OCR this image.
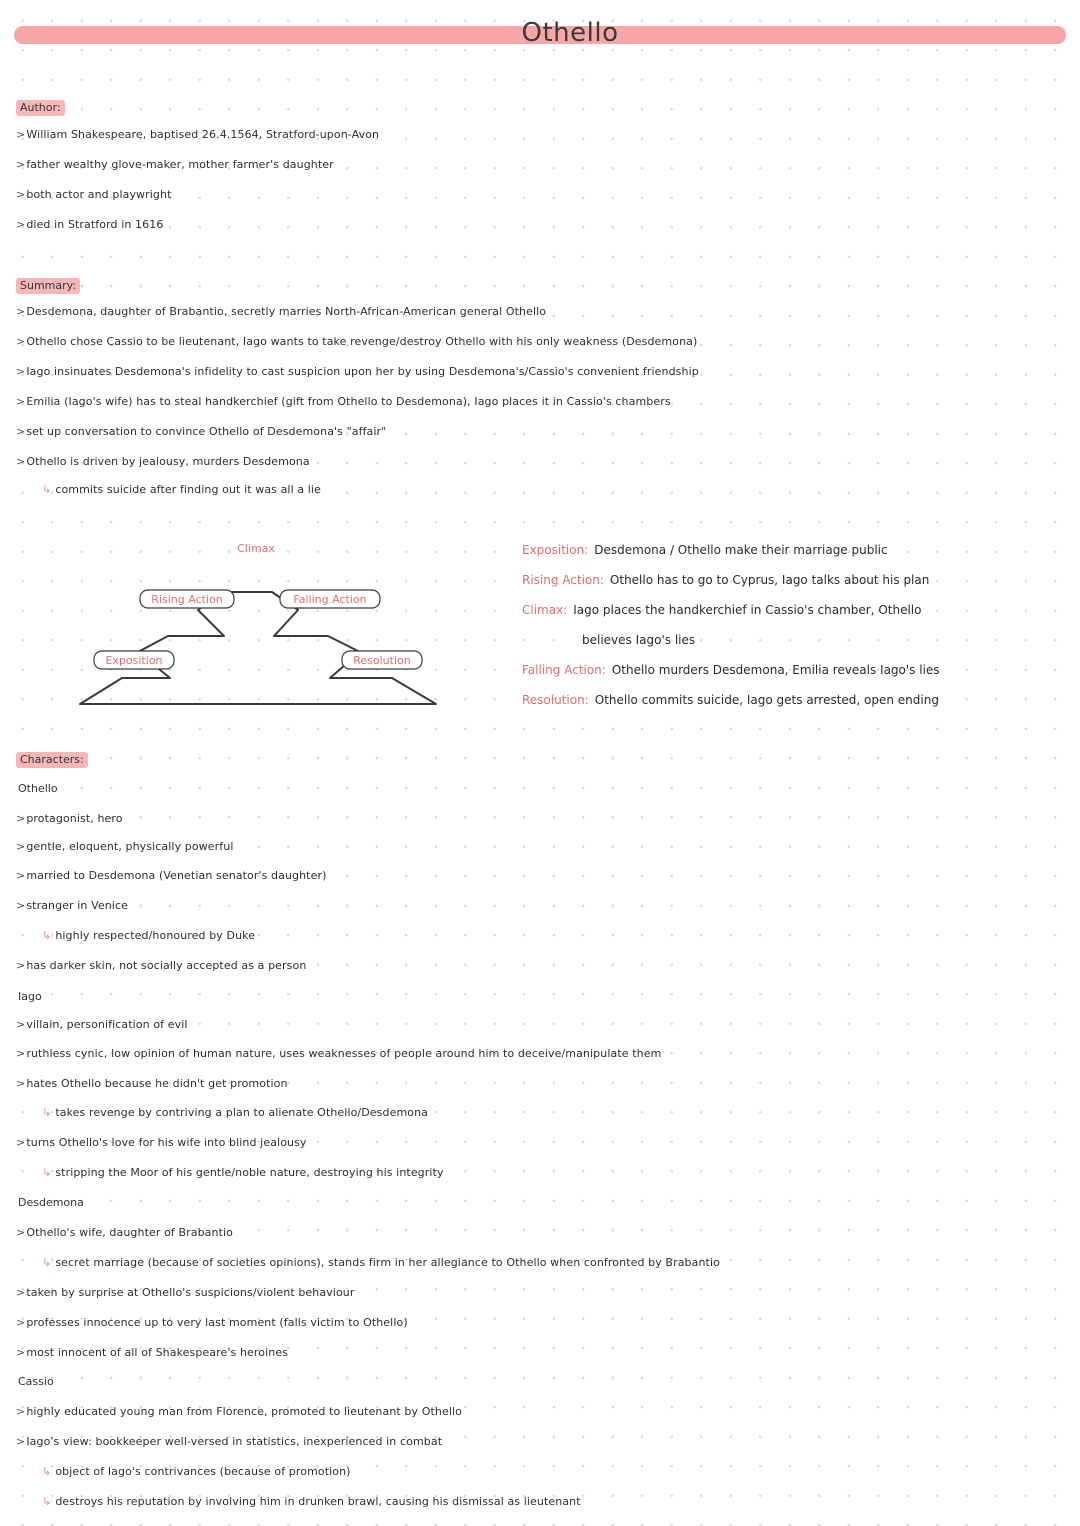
Othello
Author:
> William Shakespeare, baptised 26.4.1564, Stratford-upon-Avon
> father wealthy glove-maker, mother farmer's daughter
> both actor and playwright
> died in Stratford in 1616
Summary:
> Desdemona, daughter of Brabantio, secretly marries North-African-American general Othello
> Othello chose Cassio to be lieutenant, Iago wants to take revenge/destroy Othello with his only weakness (Desdemona)
> Iago insinuates Desdemona's infidelity to cast suspicion upon her by using Desdemona's/Cassio's convenient friendship
> Emilia (Iago's wife) has to steal handkerchief (gift from Othello to Desdemona), Iago places it in Cassio's chambers
> set up conversation to convince Othello of Desdemona's "affair"
> Othello is driven by jealousy, murders Desdemona
↳ commits suicide after finding out it was all a lie
Climax
Rising Action	Falling Action
Exposition	Resolution
Exposition: Desdemona / Othello make their marriage public
Rising Action: Othello has to go to Cyprus, Iago talks about his plan
Climax: Iago places the handkerchief in Cassio's chamber, Othello
believes Iago's lies
Falling Action: Othello murders Desdemona, Emilia reveals Iago's lies
Resolution: Othello commits suicide, Iago gets arrested, open ending
Characters:
Othello
> protagonist, hero
> gentle, eloquent, physically powerful
> married to Desdemona (Venetian senator's daughter)
> stranger in Venice
↳ highly respected/honoured by Duke
> has darker skin, not socially accepted as a person
Iago
> villain, personification of evil
> ruthless cynic, low opinion of human nature, uses weaknesses of people around him to deceive/manipulate them
> hates Othello because he didn't get promotion
↳ takes revenge by contriving a plan to alienate Othello/Desdemona
> turns Othello's love for his wife into blind jealousy
↳ stripping the Moor of his gentle/noble nature, destroying his integrity
Desdemona
> Othello's wife, daughter of Brabantio
↳ secret marriage (because of societies opinions), stands firm in her allegiance to Othello when confronted by Brabantio
> taken by surprise at Othello's suspicions/violent behaviour
> professes innocence up to very last moment (falls victim to Othello)
> most innocent of all of Shakespeare's heroines
Cassio
> highly educated young man from Florence, promoted to lieutenant by Othello
> Iago's view: bookkeeper well-versed in statistics, inexperienced in combat
↳ object of Iago's contrivances (because of promotion)
↳ destroys his reputation by involving him in drunken brawl, causing his dismissal as lieutenant
